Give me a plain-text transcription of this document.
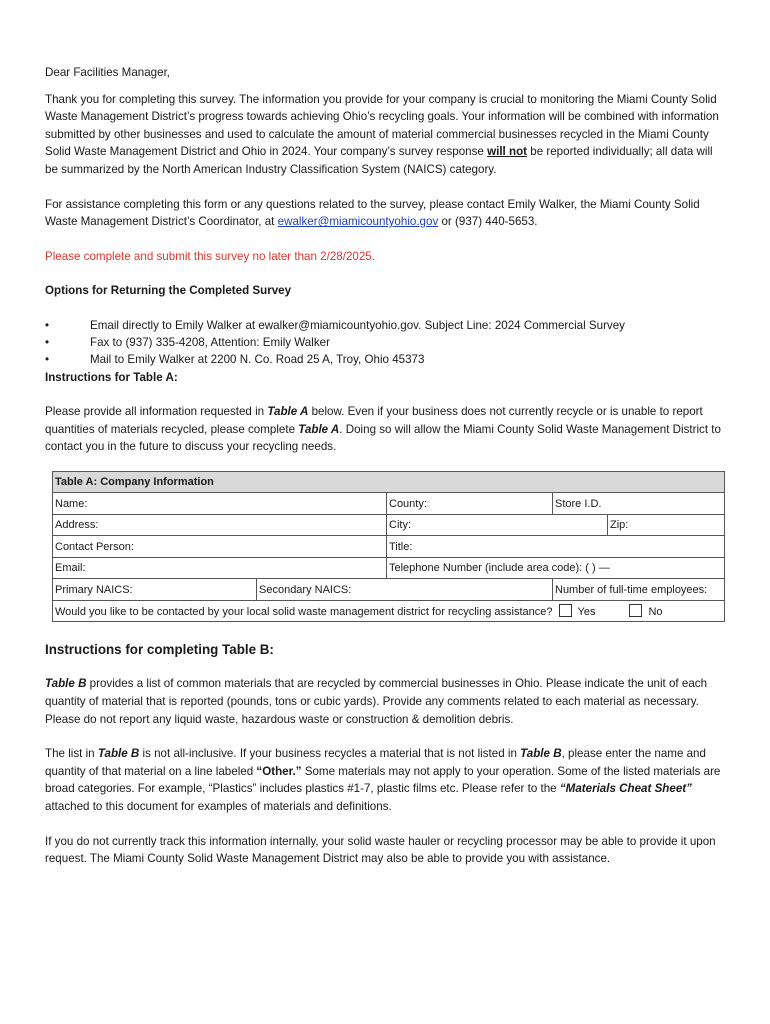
Dear Facilities Manager,

Thank you for completing this survey. The information you provide for your company is crucial to monitoring the Miami County Solid Waste Management District’s progress towards achieving Ohio’s recycling goals. Your information will be combined with information submitted by other businesses and used to calculate the amount of material commercial businesses recycled in the Miami County Solid Waste Management District and Ohio in 2024. Your company’s survey response will not be reported individually; all data will be summarized by the North American Industry Classification System (NAICS) category.

For assistance completing this form or any questions related to the survey, please contact Emily Walker, the Miami County Solid Waste Management District’s Coordinator, at ewalker@miamicountyohio.gov or (937) 440-5653.

Please complete and submit this survey no later than 2/28/2025.

Options for Returning the Completed Survey

•	Email directly to Emily Walker at ewalker@miamicountyohio.gov. Subject Line: 2024 Commercial Survey
•	Fax to (937) 335-4208, Attention: Emily Walker
•	Mail to Emily Walker at 2200 N. Co. Road 25 A, Troy, Ohio 45373

Instructions for Table A:

Please provide all information requested in Table A below. Even if your business does not currently recycle or is unable to report quantities of materials recycled, please complete Table A. Doing so will allow the Miami County Solid Waste Management District to contact you in the future to discuss your recycling needs.

Table A: Company Information				
Name:		County:	Store I.D.	
Address:		City:		Zip:
Contact Person:		Title:		
Email:		Telephone Number (include area code): ( ) —		
Primary NAICS:	Secondary NAICS:		Number of full-time employees:	
Would you like to be contacted by your local solid waste management district for recycling assistance? Yes No				

Instructions for completing Table B:

Table B provides a list of common materials that are recycled by commercial businesses in Ohio. Please indicate the unit of each quantity of material that is reported (pounds, tons or cubic yards). Provide any comments related to each material as necessary. Please do not report any liquid waste, hazardous waste or construction & demolition debris.

The list in Table B is not all-inclusive. If your business recycles a material that is not listed in Table B, please enter the name and quantity of that material on a line labeled “Other.” Some materials may not apply to your operation. Some of the listed materials are broad categories. For example, “Plastics” includes plastics #1-7, plastic films etc. Please refer to the “Materials Cheat Sheet” attached to this document for examples of materials and definitions.

If you do not currently track this information internally, your solid waste hauler or recycling processor may be able to provide it upon request. The Miami County Solid Waste Management District may also be able to provide you with assistance.
